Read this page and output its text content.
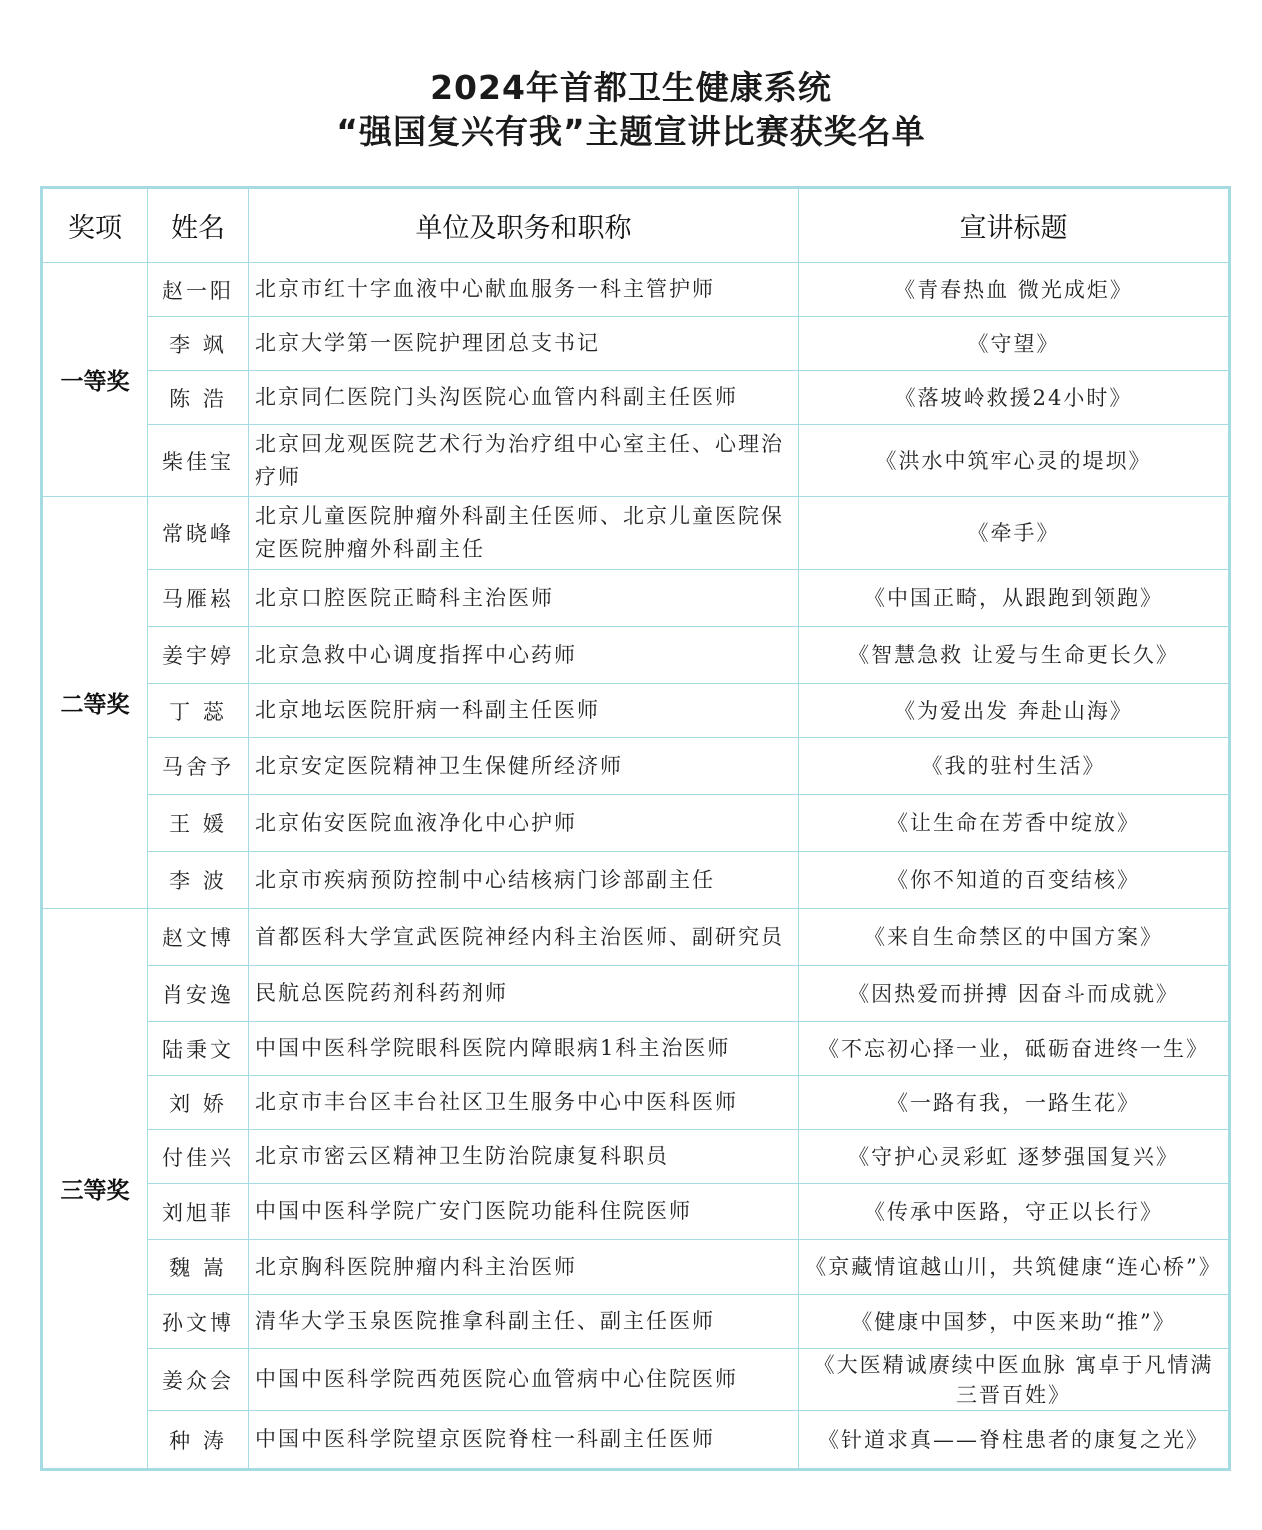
2024年首都卫生健康系统
“强国复兴有我”主题宣讲比赛获奖名单
奖项	姓名	单位及职务和职称	宣讲标题
一等奖	赵一阳	北京市红十字血液中心献血服务一科主管护师	《青春热血 微光成炬》
	李 飒	北京大学第一医院护理团总支书记	《守望》
	陈 浩	北京同仁医院门头沟医院心血管内科副主任医师	《落坡岭救援24小时》
	柴佳宝	北京回龙观医院艺术行为治疗组中心室主任、心理治疗师	《洪水中筑牢心灵的堤坝》
二等奖	常晓峰	北京儿童医院肿瘤外科副主任医师、北京儿童医院保定医院肿瘤外科副主任	《牵手》
	马雁崧	北京口腔医院正畸科主治医师	《中国正畸，从跟跑到领跑》
	姜宇婷	北京急救中心调度指挥中心药师	《智慧急救 让爱与生命更长久》
	丁 蕊	北京地坛医院肝病一科副主任医师	《为爱出发 奔赴山海》
	马舍予	北京安定医院精神卫生保健所经济师	《我的驻村生活》
	王 媛	北京佑安医院血液净化中心护师	《让生命在芳香中绽放》
	李 波	北京市疾病预防控制中心结核病门诊部副主任	《你不知道的百变结核》
三等奖	赵文博	首都医科大学宣武医院神经内科主治医师、副研究员	《来自生命禁区的中国方案》
	肖安逸	民航总医院药剂科药剂师	《因热爱而拼搏 因奋斗而成就》
	陆秉文	中国中医科学院眼科医院内障眼病1科主治医师	《不忘初心择一业，砥砺奋进终一生》
	刘 娇	北京市丰台区丰台社区卫生服务中心中医科医师	《一路有我，一路生花》
	付佳兴	北京市密云区精神卫生防治院康复科职员	《守护心灵彩虹 逐梦强国复兴》
	刘旭菲	中国中医科学院广安门医院功能科住院医师	《传承中医路，守正以长行》
	魏 嵩	北京胸科医院肿瘤内科主治医师	《京藏情谊越山川，共筑健康“连心桥”》
	孙文博	清华大学玉泉医院推拿科副主任、副主任医师	《健康中国梦，中医来助“推”》
	姜众会	中国中医科学院西苑医院心血管病中心住院医师	《大医精诚赓续中医血脉 寓卓于凡情满三晋百姓》
	种 涛	中国中医科学院望京医院脊柱一科副主任医师	《针道求真——脊柱患者的康复之光》
